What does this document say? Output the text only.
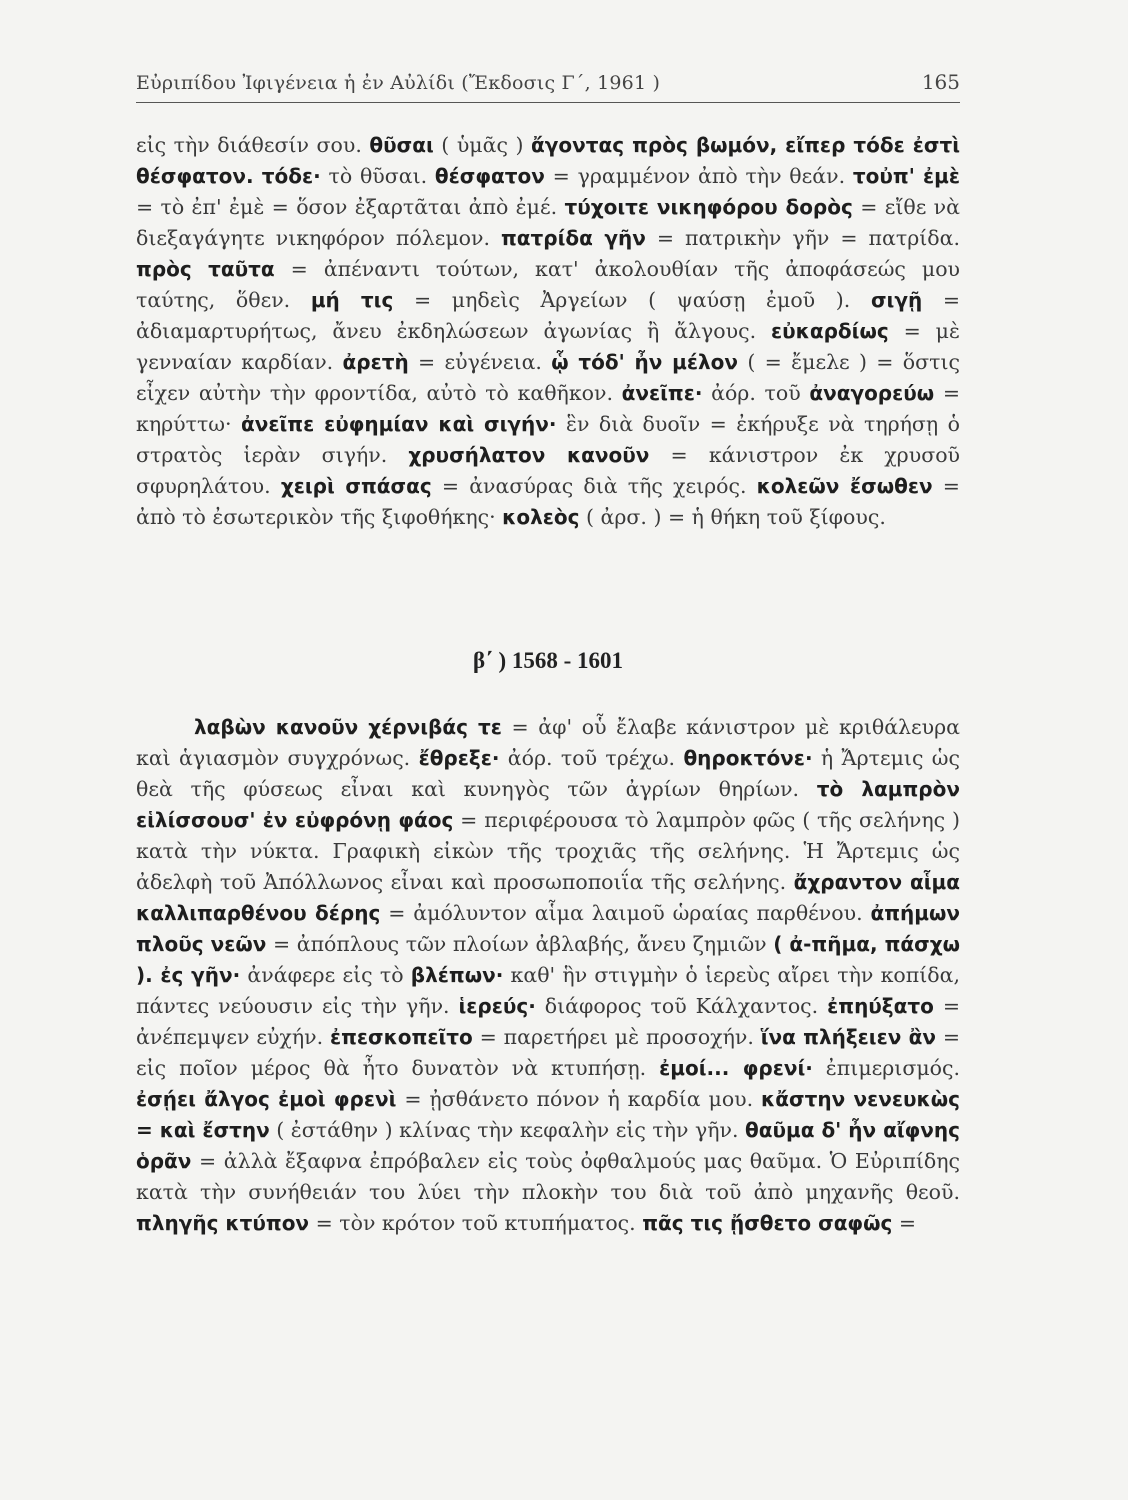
Εὐριπίδου Ἰφιγένεια ἡ ἐν Αὐλίδι (Ἔκδοσις Γ΄, 1961 )	165

εἰς τὴν διάθεσίν σου. θῦσαι ( ὑμᾶς ) ἄγοντας πρὸς βωμόν, εἴπερ τόδε ἐστὶ θέσφατον. τόδε· τὸ θῦσαι. θέσφατον = γραμμένον ἀπὸ τὴν θεάν. τοὐπ' ἐμὲ = τὸ ἐπ' ἐμὲ = ὅσον ἐξαρτᾶται ἀπὸ ἐμέ. τύχοιτε νικηφόρου δορὸς = εἴθε νὰ διεξαγάγητε νικηφόρον πόλεμον. πατρίδα γῆν = πατρικὴν γῆν = πατρίδα. πρὸς ταῦτα = ἀπέναντι τούτων, κατ' ἀκολουθίαν τῆς ἀποφάσεώς μου ταύτης, ὅθεν. μή τις = μηδεὶς Ἀργείων ( ψαύσῃ ἐμοῦ ). σιγῇ = ἀδιαμαρτυρήτως, ἄνευ ἐκδηλώσεων ἀγωνίας ἢ ἄλγους. εὐκαρδίως = μὲ γενναίαν καρδίαν. ἀρετὴ = εὐγένεια. ᾧ τόδ' ἦν μέλον ( = ἔμελε ) = ὅστις εἶχεν αὐτὴν τὴν φροντίδα, αὐτὸ τὸ καθῆκον. ἀνεῖπε· ἀόρ. τοῦ ἀναγορεύω = κηρύττω· ἀνεῖπε εὐφημίαν καὶ σιγήν· ἓν διὰ δυοῖν = ἐκήρυξε νὰ τηρήσῃ ὁ στρατὸς ἱερὰν σιγήν. χρυσήλατον κανοῦν = κάνιστρον ἐκ χρυσοῦ σφυρηλάτου. χειρὶ σπάσας = ἀνασύρας διὰ τῆς χειρός. κολεῶν ἔσωθεν = ἀπὸ τὸ ἐσωτερικὸν τῆς ξιφοθήκης· κολεὸς ( ἀρσ. ) = ἡ θήκη τοῦ ξίφους.

β΄ ) 1568 - 1601

λαβὼν κανοῦν χέρνιβάς τε = ἀφ' οὗ ἔλαβε κάνιστρον μὲ κριθάλευρα καὶ ἁγιασμὸν συγχρόνως. ἔθρεξε· ἀόρ. τοῦ τρέχω. θηροκτόνε· ἡ Ἄρτεμις ὡς θεὰ τῆς φύσεως εἶναι καὶ κυνηγὸς τῶν ἀγρίων θηρίων. τὸ λαμπρὸν εἱλίσσουσ' ἐν εὐφρόνῃ φάος = περιφέρουσα τὸ λαμπρὸν φῶς ( τῆς σελήνης ) κατὰ τὴν νύκτα. Γραφικὴ εἰκὼν τῆς τροχιᾶς τῆς σελήνης. Ἡ Ἄρτεμις ὡς ἀδελφὴ τοῦ Ἀπόλλωνος εἶναι καὶ προσωποποιΐα τῆς σελήνης. ἄχραντον αἷμα καλλιπαρθένου δέρης = ἀμόλυντον αἷμα λαιμοῦ ὡραίας παρθένου. ἀπήμων πλοῦς νεῶν = ἀπόπλους τῶν πλοίων ἀβλαβής, ἄνευ ζημιῶν ( ἀ-πῆμα, πάσχω ). ἐς γῆν· ἀνάφερε εἰς τὸ βλέπων· καθ' ἣν στιγμὴν ὁ ἱερεὺς αἴρει τὴν κοπίδα, πάντες νεύουσιν εἰς τὴν γῆν. ἱερεύς· διάφορος τοῦ Κάλχαντος. ἐπηύξατο = ἀνέπεμψεν εὐχήν. ἐπεσκοπεῖτο = παρετήρει μὲ προσοχήν. ἵνα πλήξειεν ἂν = εἰς ποῖον μέρος θὰ ἦτο δυνατὸν νὰ κτυπήσῃ. ἐμοί... φρενί· ἐπιμερισμός. ἐσῄει ἄλγος ἐμοὶ φρενὶ = ᾐσθάνετο πόνον ἡ καρδία μου. κἄστην νενευκὼς = καὶ ἔστην ( ἐστάθην ) κλίνας τὴν κεφαλὴν εἰς τὴν γῆν. θαῦμα δ' ἦν αἴφνης ὁρᾶν = ἀλλὰ ἔξαφνα ἐπρόβαλεν εἰς τοὺς ὀφθαλμούς μας θαῦμα. Ὁ Εὐριπίδης κατὰ τὴν συνήθειάν του λύει τὴν πλοκὴν του διὰ τοῦ ἀπὸ μηχανῆς θεοῦ. πληγῆς κτύπον = τὸν κρότον τοῦ κτυπήματος. πᾶς τις ᾔσθετο σαφῶς =
